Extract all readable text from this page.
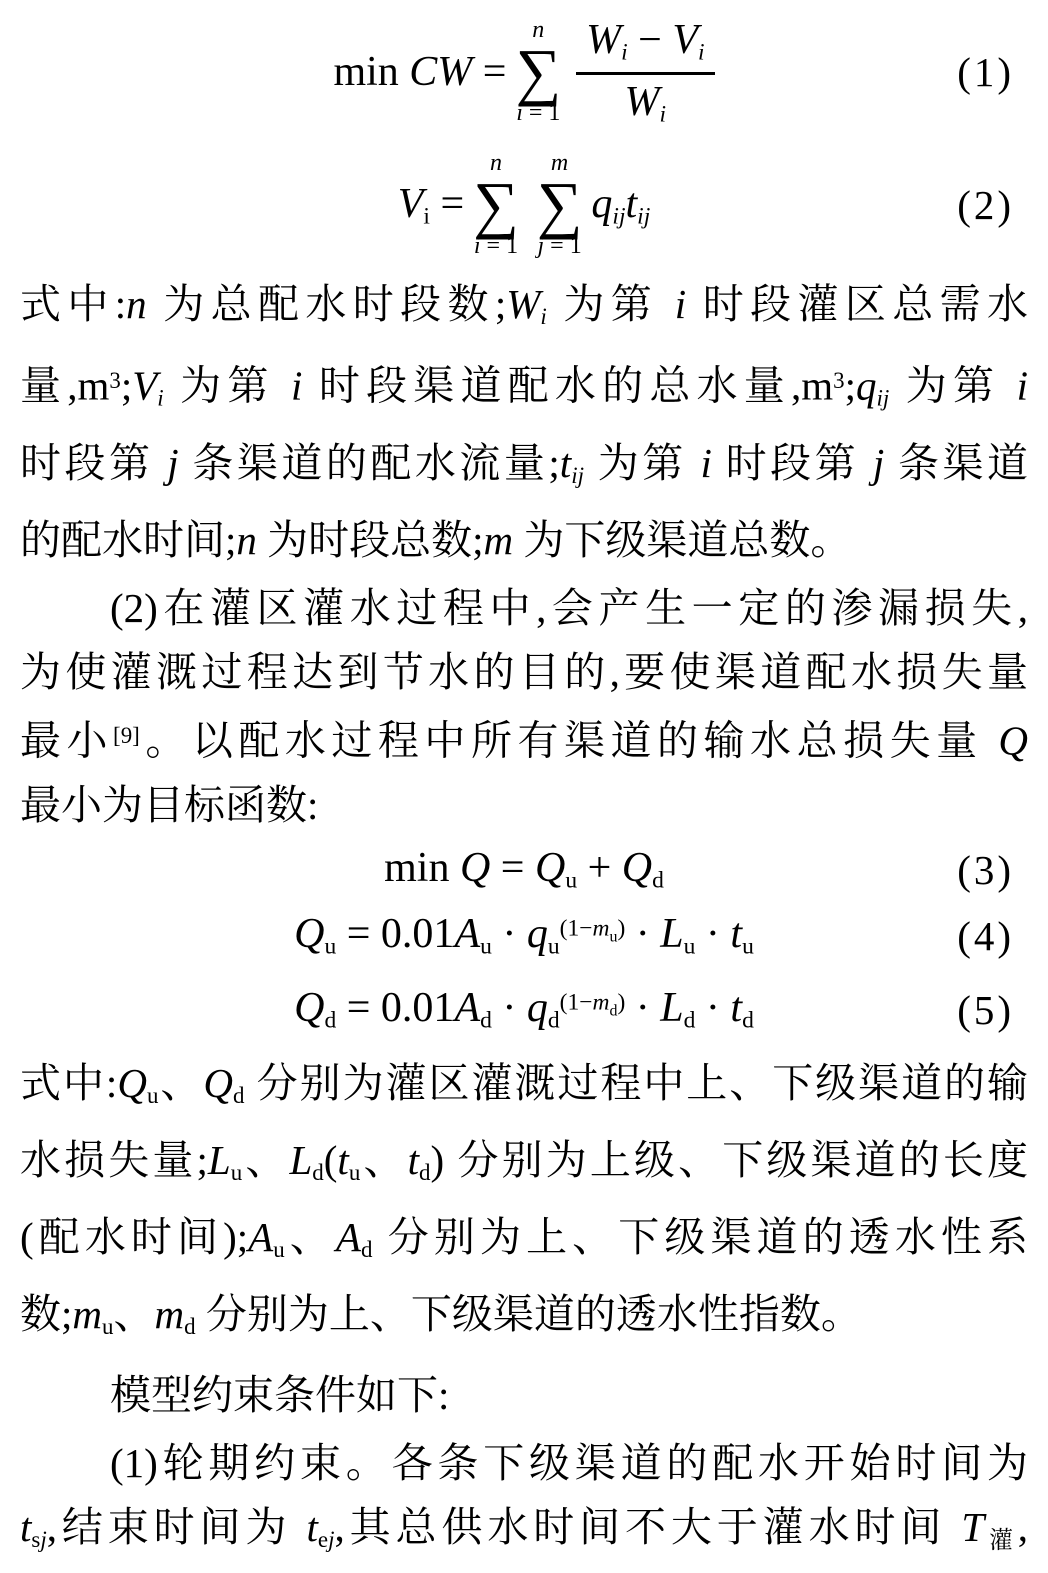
min CW =
n
∑
$i = 1 \frac{Wi - Vi}{Wi}$	(1)
Vi =
n
∑
i = 1
m
∑
j = 1
qijtij	(2)
式中:n 为总配水时段数;Wi 为第 i 时段灌区总需水
量$,m^3;Vi$ 为第 i 时段渠道配水的总水量$,m^3;qij$ 为第 i
时段第 j 条渠道的配水流量;tij 为第 i 时段第 j 条渠道
的配水时间;n 为时段总数;m 为下级渠道总数。
(2)在灌区灌水过程中,会产生一定的渗漏损失,
为使灌溉过程达到节水的目的,要使渠道配水损失量
最小[9]。以配水过程中所有渠道的输水总损失量 Q
最小为目标函数:
min Q = Qu + Qd	(3)
$Qu = 0.01Au \cdot qu^{(1-m}u^) \cdot Lu$ · tu	(4)
$Qd = 0.01Ad \cdot qd^{(1-m}d^) \cdot Ld$ · td	(5)
式中:Qu、Qd 分别为灌区灌溉过程中上、下级渠道的输
水损失量;Lu、Ld(tu、td) 分别为上级、下级渠道的长度
(配水时间);Au、Ad 分别为上、下级渠道的透水性系
数;mu、md 分别为上、下级渠道的透水性指数。
模型约束条件如下:
(1)轮期约束。各条下级渠道的配水开始时间为
tsj,结束时间为 tej,其总供水时间不大于灌水时间 T灌,
